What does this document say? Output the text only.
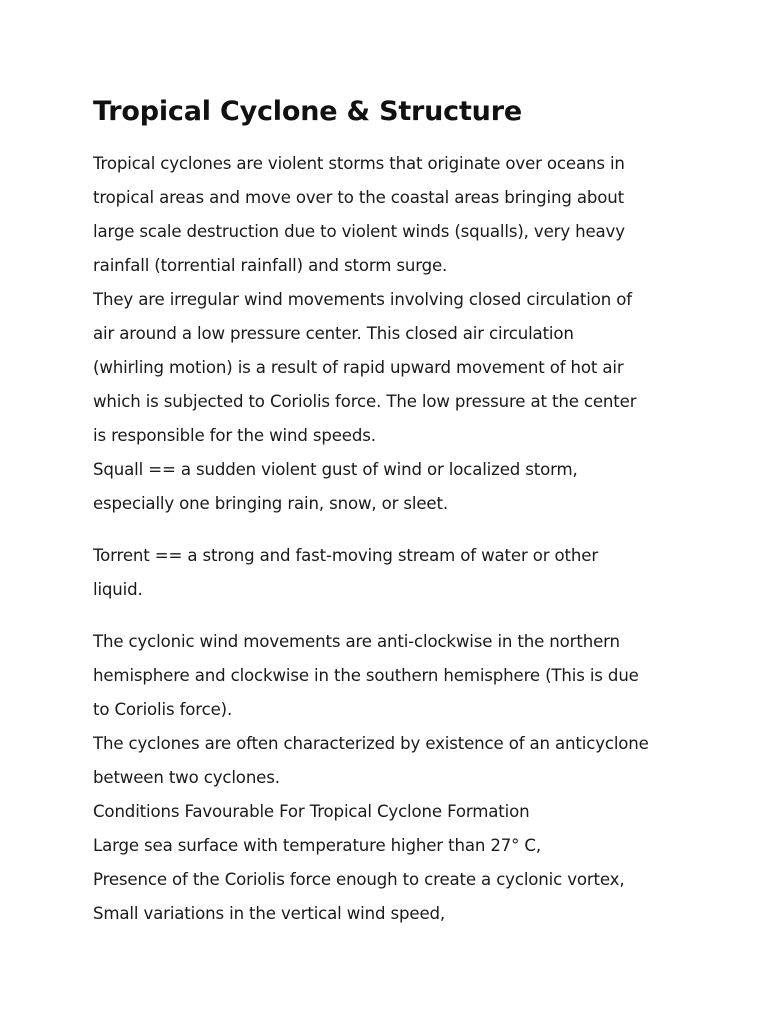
Tropical Cyclone & Structure
Tropical cyclones are violent storms that originate over oceans in
tropical areas and move over to the coastal areas bringing about
large scale destruction due to violent winds (squalls), very heavy
rainfall (torrential rainfall) and storm surge.
They are irregular wind movements involving closed circulation of
air around a low pressure center. This closed air circulation
(whirling motion) is a result of rapid upward movement of hot air
which is subjected to Coriolis force. The low pressure at the center
is responsible for the wind speeds.
Squall == a sudden violent gust of wind or localized storm,
especially one bringing rain, snow, or sleet.
Torrent == a strong and fast-moving stream of water or other
liquid.
The cyclonic wind movements are anti-clockwise in the northern
hemisphere and clockwise in the southern hemisphere (This is due
to Coriolis force).
The cyclones are often characterized by existence of an anticyclone
between two cyclones.
Conditions Favourable For Tropical Cyclone Formation
Large sea surface with temperature higher than 27° C,
Presence of the Coriolis force enough to create a cyclonic vortex,
Small variations in the vertical wind speed,
